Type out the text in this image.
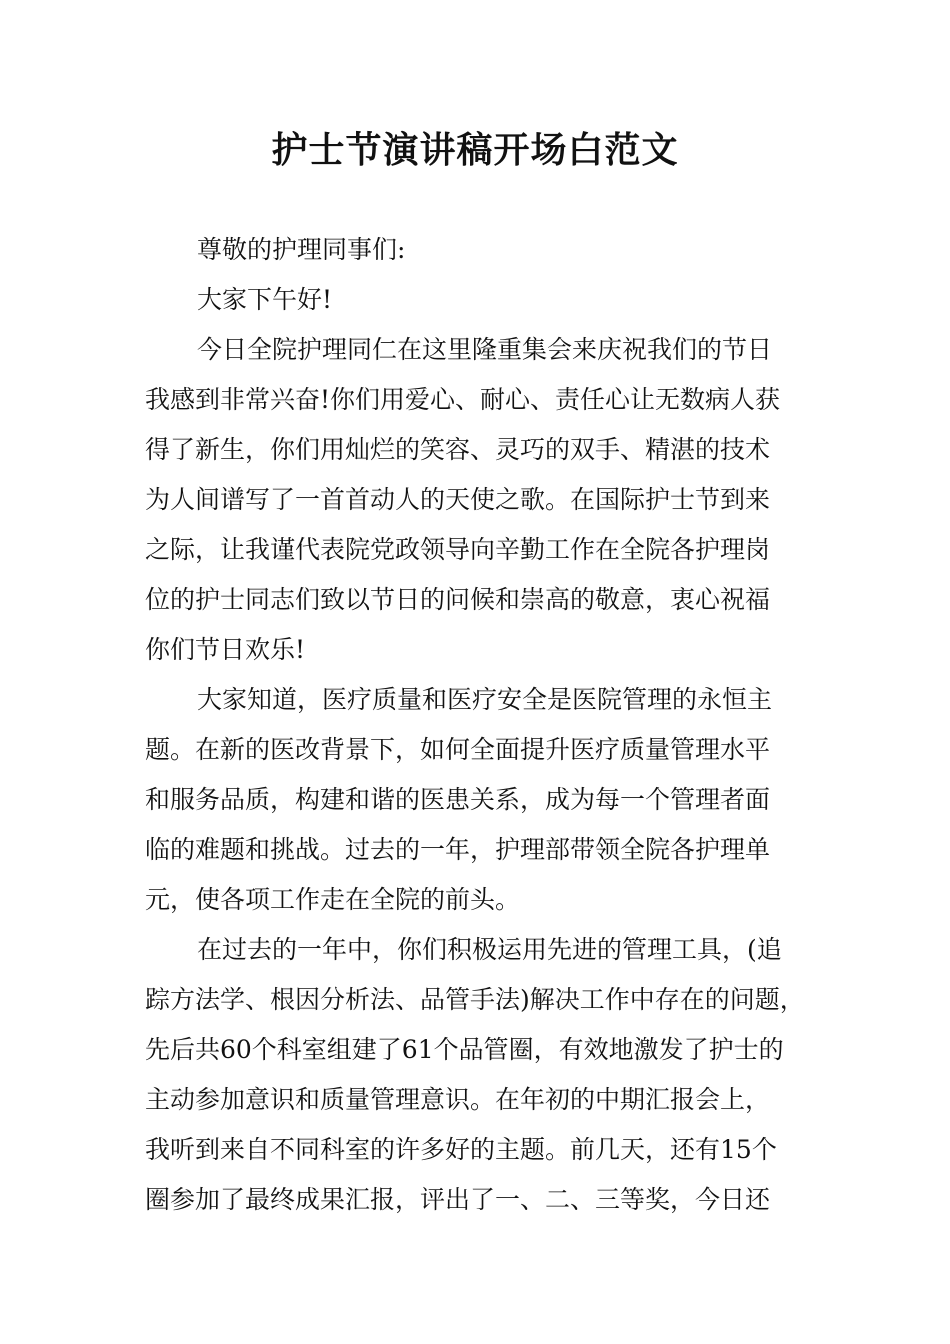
护士节演讲稿开场白范文
尊敬的护理同事们:
大家下午好!
今日全院护理同仁在这里隆重集会来庆祝我们的节日
我感到非常兴奋!你们用爱心、耐心、责任心让无数病人获
得了新生，你们用灿烂的笑容、灵巧的双手、精湛的技术
为人间谱写了一首首动人的天使之歌。在国际护士节到来
之际，让我谨代表院党政领导向辛勤工作在全院各护理岗
位的护士同志们致以节日的问候和崇高的敬意，衷心祝福
你们节日欢乐!
大家知道，医疗质量和医疗安全是医院管理的永恒主
题。在新的医改背景下，如何全面提升医疗质量管理水平
和服务品质，构建和谐的医患关系，成为每一个管理者面
临的难题和挑战。过去的一年，护理部带领全院各护理单
元，使各项工作走在全院的前头。
在过去的一年中，你们积极运用先进的管理工具，(追
踪方法学、根因分析法、品管手法)解决工作中存在的问题，
先后共60个科室组建了61个品管圈，有效地激发了护士的
主动参加意识和质量管理意识。在年初的中期汇报会上，
我听到来自不同科室的许多好的主题。前几天，还有15个
圈参加了最终成果汇报，评出了一、二、三等奖，今日还
